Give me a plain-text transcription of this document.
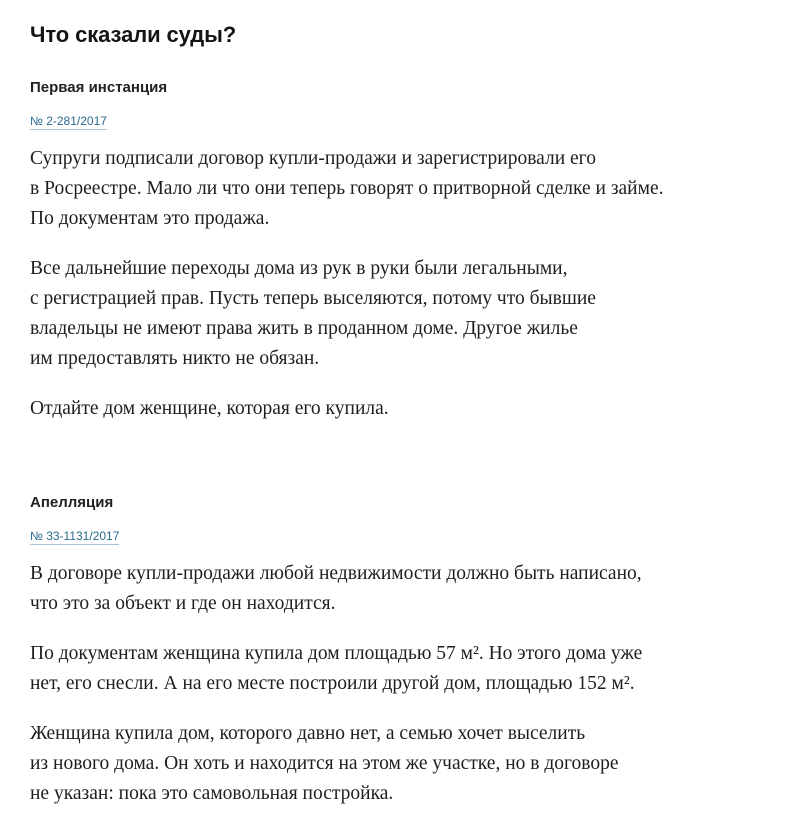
Что сказали суды?

Первая инстанция

№ 2-281/2017

Супруги подписали договор купли-продажи и зарегистрировали его
в Росреестре. Мало ли что они теперь говорят о притворной сделке и займе.
По документам это продажа.

Все дальнейшие переходы дома из рук в руки были легальными,
с регистрацией прав. Пусть теперь выселяются, потому что бывшие
владельцы не имеют права жить в проданном доме. Другое жилье
им предоставлять никто не обязан.

Отдайте дом женщине, которая его купила.

Апелляция

№ 33-1131/2017

В договоре купли-продажи любой недвижимости должно быть написано,
что это за объект и где он находится.

По документам женщина купила дом площадью 57 м². Но этого дома уже
нет, его снесли. А на его месте построили другой дом, площадью 152 м².

Женщина купила дом, которого давно нет, а семью хочет выселить
из нового дома. Он хоть и находится на этом же участке, но в договоре
не указан: пока это самовольная постройка.
